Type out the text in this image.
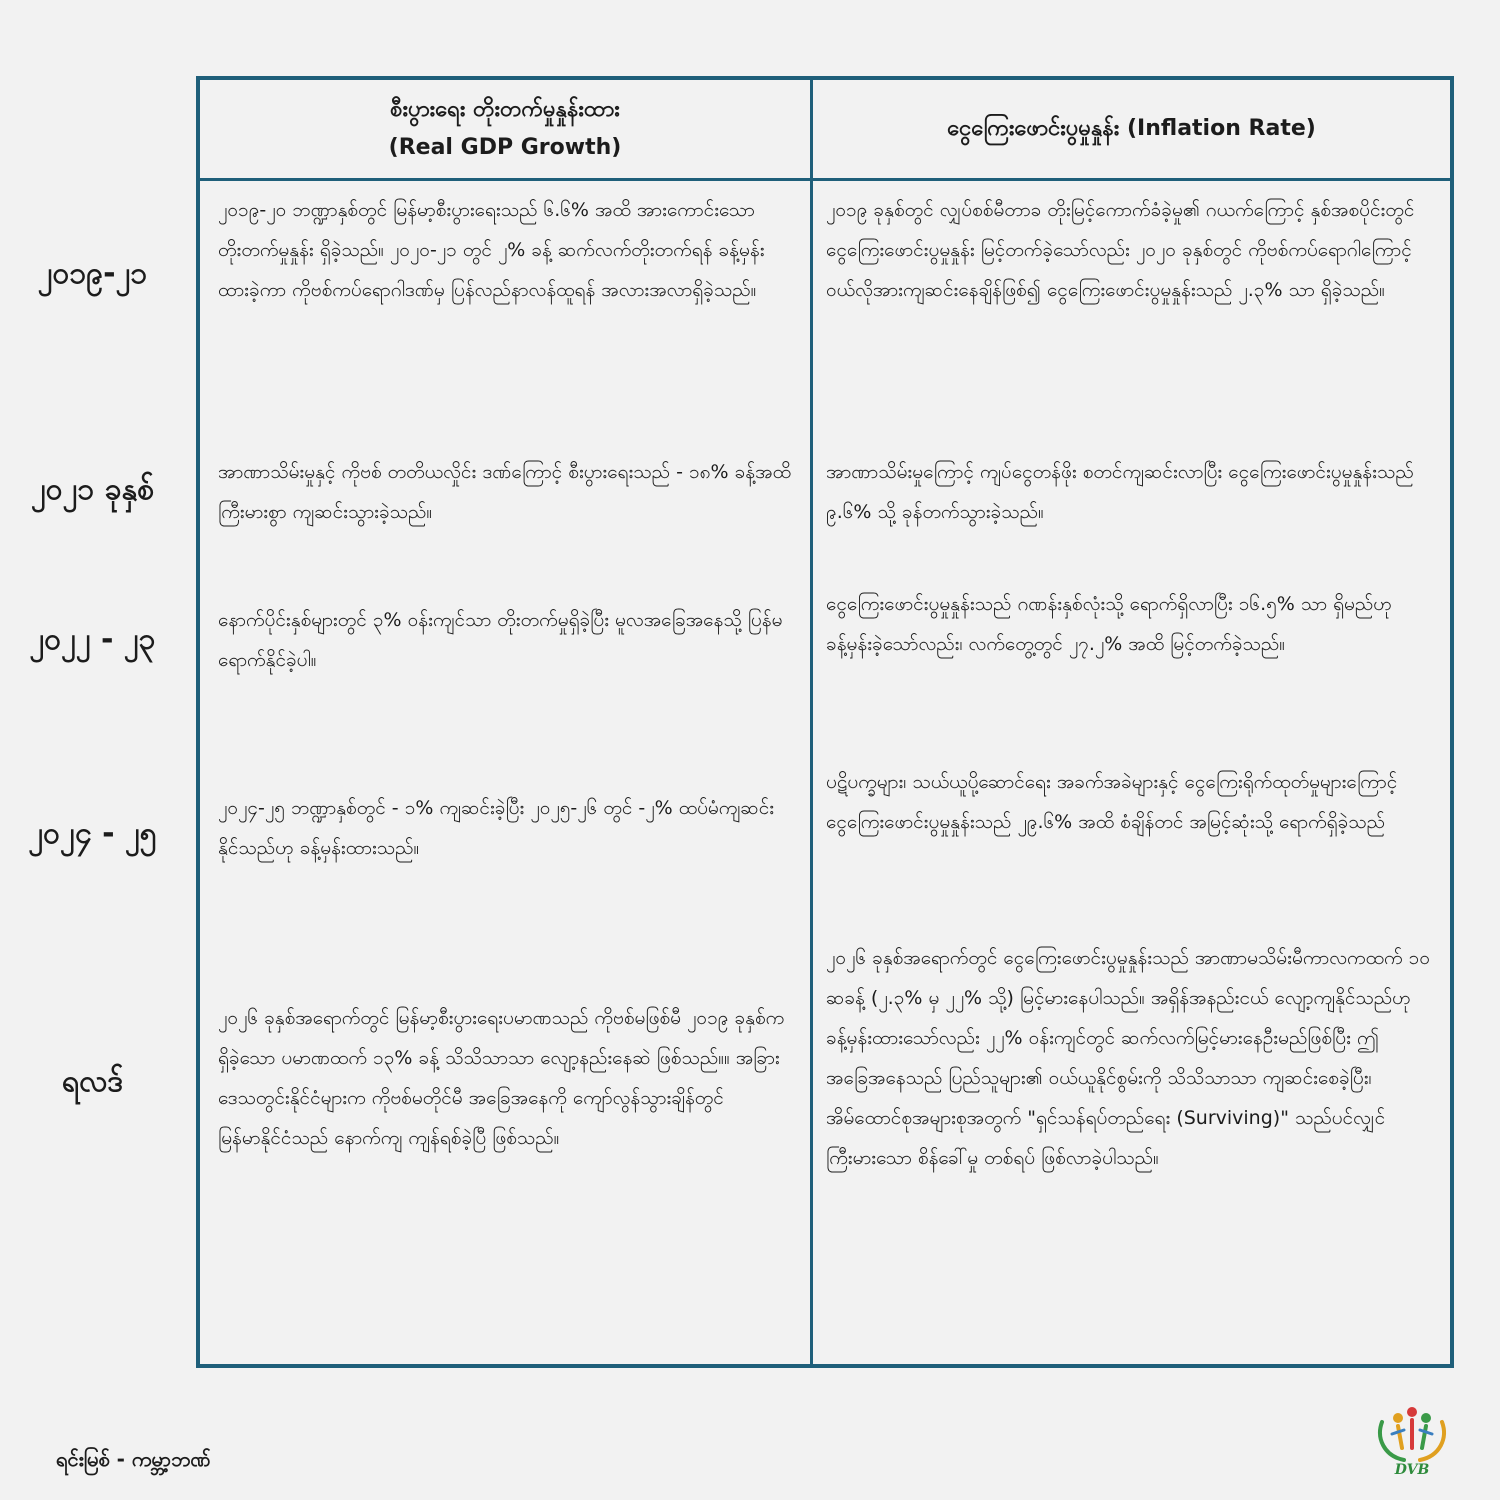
၂၀၁၉-၂၁
၂၀၂၁ ခုနှစ်
၂၀၂၂ - ၂၃
၂၀၂၄ - ၂၅
ရလဒ်
စီးပွားရေး တိုးတက်မှုနှုန်းထား
(Real GDP Growth)
ငွေကြေးဖောင်းပွမှုနှုန်း (Inflation Rate)
၂၀၁၉-၂၀ ဘဏ္ဍာနှစ်တွင် မြန်မာ့စီးပွားရေးသည် ၆.၆% အထိ အားကောင်းသော တိုးတက်မှုနှုန်း ရှိခဲ့သည်။ ၂၀၂၀-၂၁ တွင် ၂% ခန့် ဆက်လက်တိုးတက်ရန် ခန့်မှန်းထားခဲ့ကာ ကိုဗစ်ကပ်ရောဂါဒဏ်မှ ပြန်လည်နာလန်ထူရန် အလားအလာရှိခဲ့သည်။
၂၀၁၉ ခုနှစ်တွင် လျှပ်စစ်မီတာခ တိုးမြင့်ကောက်ခံခဲ့မှု၏ ဂယက်ကြောင့် နှစ်အစပိုင်းတွင် ငွေကြေးဖောင်းပွမှုနှုန်း မြင့်တက်ခဲ့သော်လည်း ၂၀၂၀ ခုနှစ်တွင် ကိုဗစ်ကပ်ရောဂါကြောင့် ဝယ်လိုအားကျဆင်းနေချိန်ဖြစ်၍ ငွေကြေးဖောင်းပွမှုနှုန်းသည် ၂.၃% သာ ရှိခဲ့သည်။
အာဏာသိမ်းမှုနှင့် ကိုဗစ် တတိယလှိုင်း ဒဏ်ကြောင့် စီးပွားရေးသည် - ၁၈% ခန့်အထိ ကြီးမားစွာ ကျဆင်းသွားခဲ့သည်။
အာဏာသိမ်းမှုကြောင့် ကျပ်ငွေတန်ဖိုး စတင်ကျဆင်းလာပြီး ငွေကြေးဖောင်းပွမှုနှုန်းသည် ၉.၆% သို့ ခုန်တက်သွားခဲ့သည်။
နောက်ပိုင်းနှစ်များတွင် ၃% ဝန်းကျင်သာ တိုးတက်မှုရှိခဲ့ပြီး မူလအခြေအနေသို့ ပြန်မရောက်နိုင်ခဲ့ပါ။
ငွေကြေးဖောင်းပွမှုနှုန်းသည် ဂဏန်းနှစ်လုံးသို့ ရောက်ရှိလာပြီး ၁၆.၅% သာ ရှိမည်ဟု ခန့်မှန်းခဲ့သော်လည်း၊ လက်တွေ့တွင် ၂၇.၂% အထိ မြင့်တက်ခဲ့သည်။
၂၀၂၄-၂၅ ဘဏ္ဍာနှစ်တွင် - ၁% ကျဆင်းခဲ့ပြီး ၂၀၂၅-၂၆ တွင် -၂% ထပ်မံကျဆင်းနိုင်သည်ဟု ခန့်မှန်းထားသည်။
ပဋိပက္ခများ၊ သယ်ယူပို့ဆောင်ရေး အခက်အခဲများနှင့် ငွေကြေးရိုက်ထုတ်မှုများကြောင့် ငွေကြေးဖောင်းပွမှုနှုန်းသည် ၂၉.၆% အထိ စံချိန်တင် အမြင့်ဆုံးသို့ ရောက်ရှိခဲ့သည်
၂၀၂၆ ခုနှစ်အရောက်တွင် မြန်မာ့စီးပွားရေးပမာဏသည် ကိုဗစ်မဖြစ်မီ ၂၀၁၉ ခုနှစ်က ရှိခဲ့သော ပမာဏထက် ၁၃% ခန့် သိသိသာသာ လျော့နည်းနေဆဲ ဖြစ်သည်။။ အခြားဒေသတွင်းနိုင်ငံများက ကိုဗစ်မတိုင်မီ အခြေအနေကို ကျော်လွန်သွားချိန်တွင် မြန်မာနိုင်ငံသည် နောက်ကျ ကျန်ရစ်ခဲ့ပြီ ဖြစ်သည်။
၂၀၂၆ ခုနှစ်အရောက်တွင် ငွေကြေးဖောင်းပွမှုနှုန်းသည် အာဏာမသိမ်းမီကာလကထက် ၁၀ ဆခန့် (၂.၃% မှ ၂၂% သို့) မြင့်မားနေပါသည်။ အရှိန်အနည်းငယ် လျော့ကျနိုင်သည်ဟု ခန့်မှန်းထားသော်လည်း ၂၂% ဝန်းကျင်တွင် ဆက်လက်မြင့်မားနေဦးမည်ဖြစ်ပြီး ဤအခြေအနေသည် ပြည်သူများ၏ ဝယ်ယူနိုင်စွမ်းကို သိသိသာသာ ကျဆင်းစေခဲ့ပြီး၊ အိမ်ထောင်စုအများစုအတွက် "ရှင်သန်ရပ်တည်ရေး (Surviving)" သည်ပင်လျှင် ကြီးမားသော စိန်ခေါ်မှု တစ်ရပ် ဖြစ်လာခဲ့ပါသည်။
ရင်းမြစ် - ကမ္ဘာ့ဘဏ်	DVB
